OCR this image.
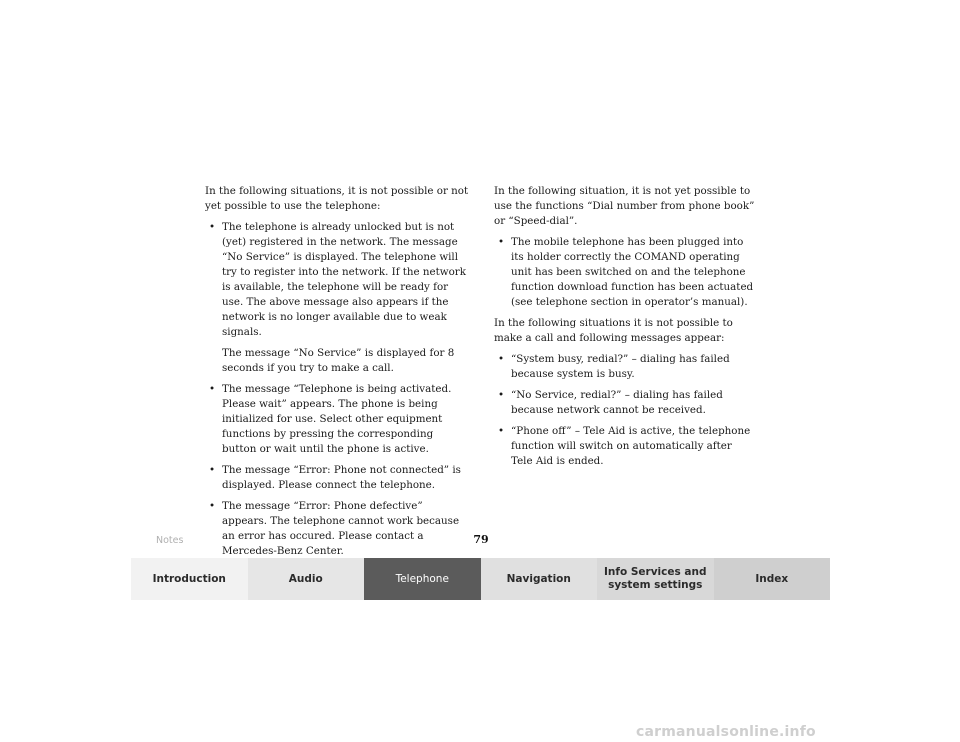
In the following situations, it is not possible or not yet possible to use the telephone:

• The telephone is already unlocked but is not (yet) registered in the network. The message “No Service” is displayed. The telephone will try to register into the network. If the network is available, the telephone will be ready for use. The above message also appears if the network is no longer available due to weak signals.
The message “No Service” is displayed for 8 seconds if you try to make a call.
• The message “Telephone is being activated. Please wait” appears. The phone is being initialized for use. Select other equipment functions by pressing the corresponding button or wait until the phone is active.
• The message “Error: Phone not connected” is displayed. Please connect the telephone.
• The message “Error: Phone defective” appears. The telephone cannot work because an error has occured. Please contact a Mercedes-Benz Center.

In the following situation, it is not yet possible to use the functions “Dial number from phone book” or “Speed-dial”.

• The mobile telephone has been plugged into its holder correctly the COMAND operating unit has been switched on and the telephone function download function has been actuated (see telephone section in operator’s manual).

In the following situations it is not possible to make a call and following messages appear:

• “System busy, redial?” – dialing has failed because system is busy.
• “No Service, redial?” – dialing has failed because network cannot be received.
• “Phone off” – Tele Aid is active, the telephone function will switch on automatically after Tele Aid is ended.
Notes	79
Introduction	Audio	Telephone	Navigation
Info Services and system settings
Index
carmanualsonline.info
